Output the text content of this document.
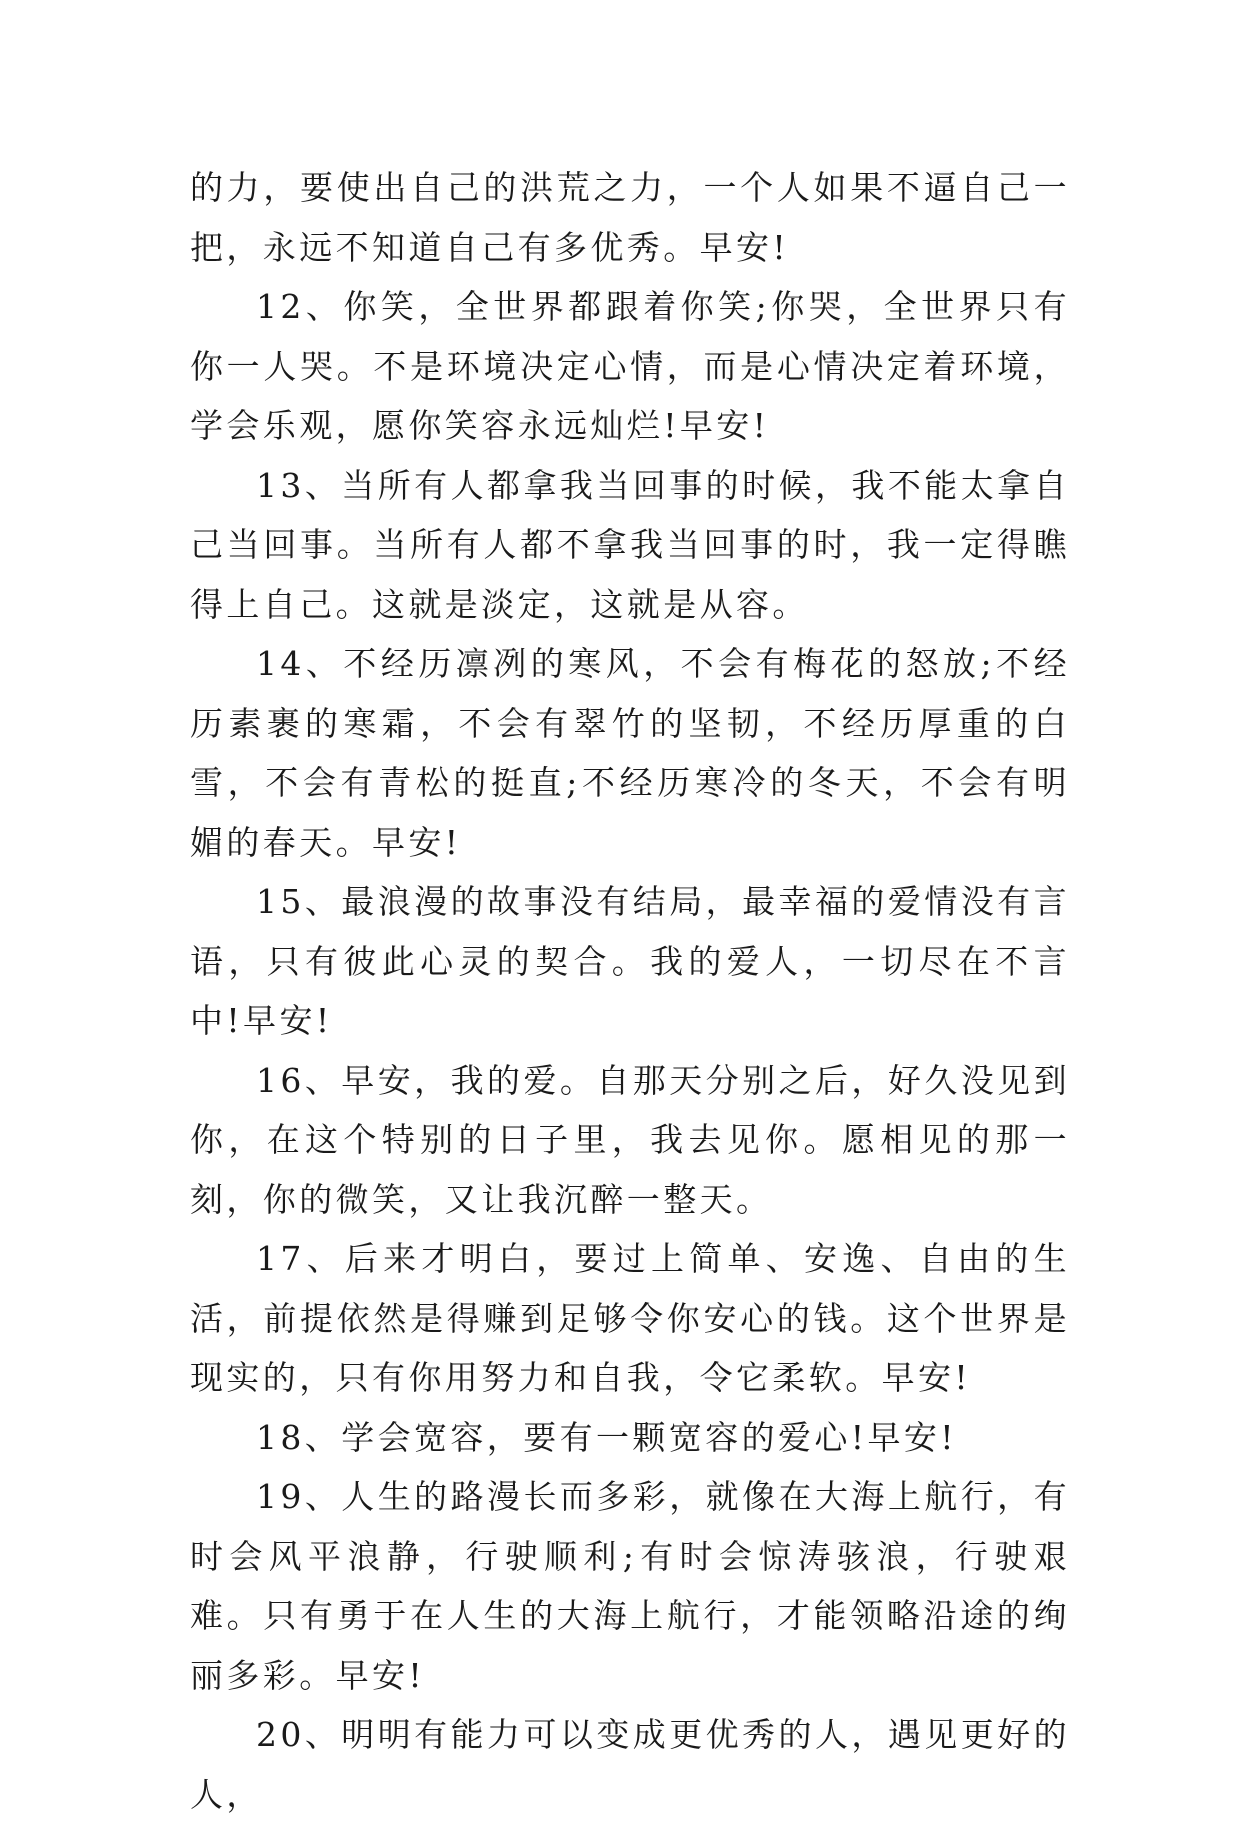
的力，要使出自己的洪荒之力，一个人如果不逼自己一把，永远不知道自己有多优秀。早安!

12、你笑，全世界都跟着你笑;你哭，全世界只有你一人哭。不是环境决定心情，而是心情决定着环境，学会乐观，愿你笑容永远灿烂!早安!

13、当所有人都拿我当回事的时候，我不能太拿自己当回事。当所有人都不拿我当回事的时，我一定得瞧得上自己。这就是淡定，这就是从容。

14、不经历凛冽的寒风，不会有梅花的怒放;不经历素裹的寒霜，不会有翠竹的坚韧，不经历厚重的白雪，不会有青松的挺直;不经历寒冷的冬天，不会有明媚的春天。早安!

15、最浪漫的故事没有结局，最幸福的爱情没有言语，只有彼此心灵的契合。我的爱人，一切尽在不言中!早安!

16、早安，我的爱。自那天分别之后，好久没见到你，在这个特别的日子里，我去见你。愿相见的那一刻，你的微笑，又让我沉醉一整天。

17、后来才明白，要过上简单、安逸、自由的生活，前提依然是得赚到足够令你安心的钱。这个世界是现实的，只有你用努力和自我，令它柔软。早安!

18、学会宽容，要有一颗宽容的爱心!早安!

19、人生的路漫长而多彩，就像在大海上航行，有时会风平浪静，行驶顺利;有时会惊涛骇浪，行驶艰难。只有勇于在人生的大海上航行，才能领略沿途的绚丽多彩。早安!

20、明明有能力可以变成更优秀的人，遇见更好的人，
